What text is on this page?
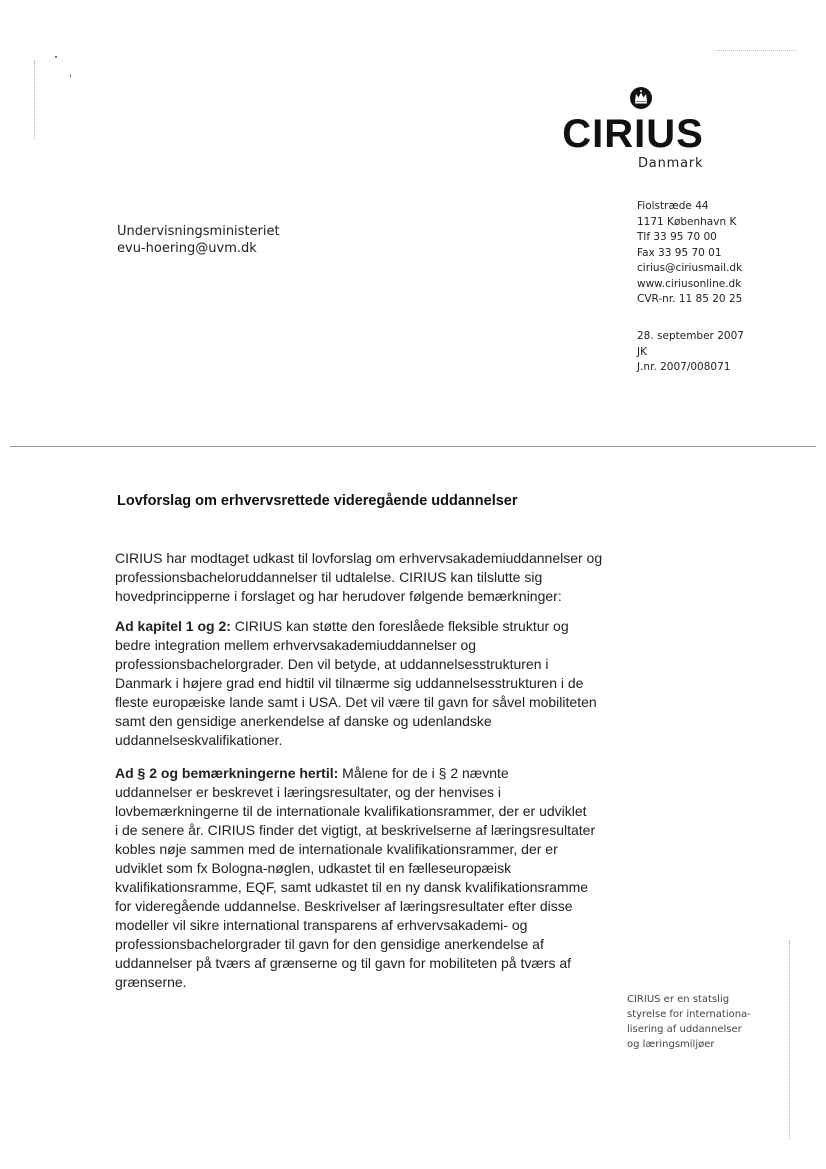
CIRIUS
Danmark
Undervisningsministeriet
evu-hoering@uvm.dk
Fiolstræde 44
1171 København K
Tlf 33 95 70 00
Fax 33 95 70 01
cirius@ciriusmail.dk
www.ciriusonline.dk
CVR-nr. 11 85 20 25
28. september 2007
JK
J.nr. 2007/008071
Lovforslag om erhvervsrettede videregående uddannelser
CIRIUS har modtaget udkast til lovforslag om erhvervsakademiuddannelser og
professionsbacheloruddannelser til udtalelse. CIRIUS kan tilslutte sig
hovedprincipperne i forslaget og har herudover følgende bemærkninger:
Ad kapitel 1 og 2: CIRIUS kan støtte den foreslåede fleksible struktur og
bedre integration mellem erhvervsakademiuddannelser og
professionsbachelorgrader. Den vil betyde, at uddannelsesstrukturen i
Danmark i højere grad end hidtil vil tilnærme sig uddannelsesstrukturen i de
fleste europæiske lande samt i USA. Det vil være til gavn for såvel mobiliteten
samt den gensidige anerkendelse af danske og udenlandske
uddannelseskvalifikationer.
Ad § 2 og bemærkningerne hertil: Målene for de i § 2 nævnte
uddannelser er beskrevet i læringsresultater, og der henvises i
lovbemærkningerne til de internationale kvalifikationsrammer, der er udviklet
i de senere år. CIRIUS finder det vigtigt, at beskrivelserne af læringsresultater
kobles nøje sammen med de internationale kvalifikationsrammer, der er
udviklet som fx Bologna-nøglen, udkastet til en fælleseuropæisk
kvalifikationsramme, EQF, samt udkastet til en ny dansk kvalifikationsramme
for videregående uddannelse. Beskrivelser af læringsresultater efter disse
modeller vil sikre international transparens af erhvervsakademi- og
professionsbachelorgrader til gavn for den gensidige anerkendelse af
uddannelser på tværs af grænserne og til gavn for mobiliteten på tværs af
grænserne.
CIRIUS er en statslig
styrelse for internationa-
lisering af uddannelser
og læringsmiljøer
